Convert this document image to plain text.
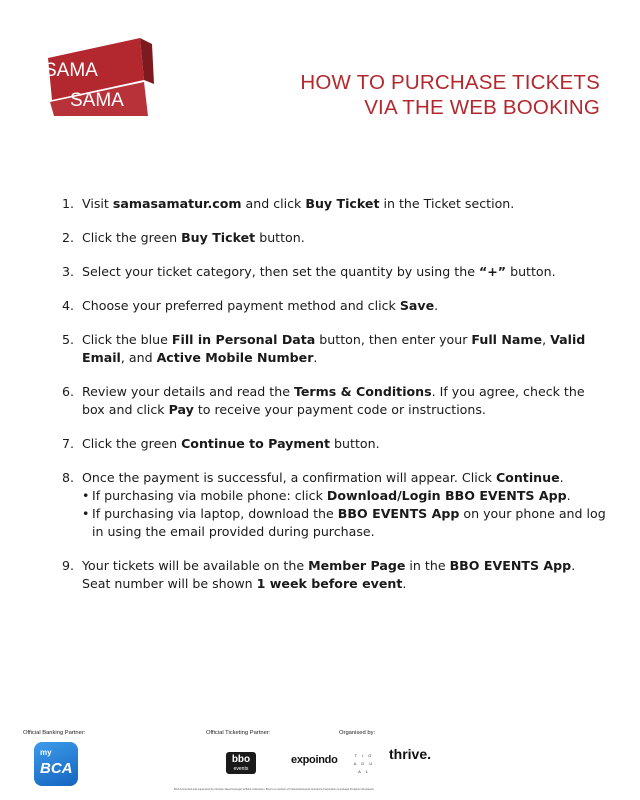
SAMA
SAMA
HOW TO PURCHASE TICKETS
VIA THE WEB BOOKING
1. Visit samasamatur.com and click Buy Ticket in the Ticket section.
2. Click the green Buy Ticket button.
3. Select your ticket category, then set the quantity by using the “+” button.
4. Choose your preferred payment method and click Save.
5. Click the blue Fill in Personal Data button, then enter your Full Name, Valid Email, and Active Mobile Number.
6. Review your details and read the Terms & Conditions. If you agree, check the box and click Pay to receive your payment code or instructions.
7. Click the green Continue to Payment button.
8. Once the payment is successful, a confirmation will appear. Click Continue.
• If purchasing via mobile phone: click Download/Login BBO EVENTS App.
• If purchasing via laptop, download the BBO EVENTS App on your phone and log in using the email provided during purchase.
9. Your tickets will be available on the Member Page in the BBO EVENTS App.
Seat number will be shown 1 week before event.
Official Banking Partner:	Official Ticketing Partner:	Organised by:
my
BCA
bbo
events
expoindo	T I G A D U A 1
thrive.
BCA is licensed and supervised by Otoritas Jasa Keuangan & Bank Indonesia • BCA is a member of Indonesia Deposit Insurance Corporation (Lembaga Penjamin Simpanan)
